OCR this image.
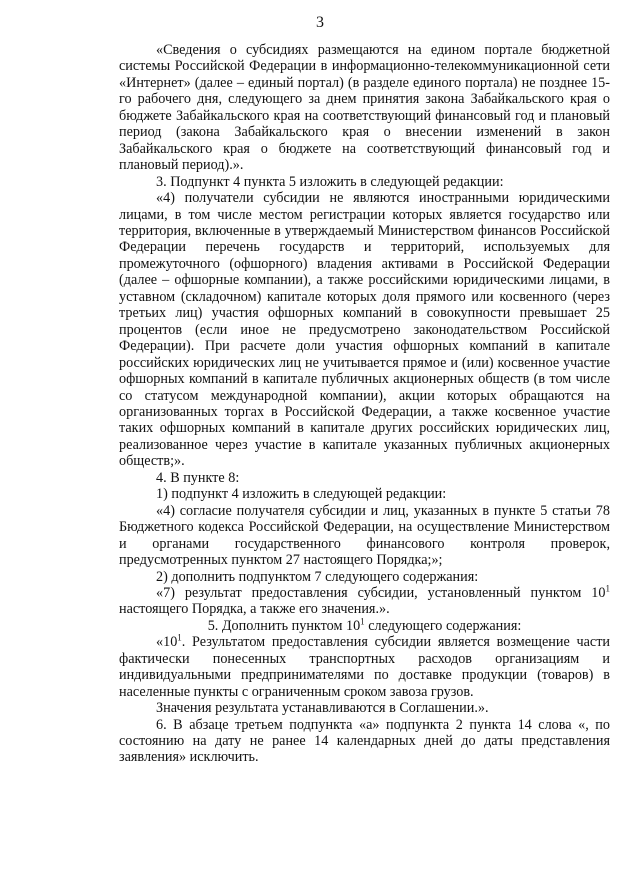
3

«Сведения о субсидиях размещаются на едином портале бюджетной системы Российской Федерации в информационно-телекоммуникационной сети «Интернет» (далее – единый портал) (в разделе единого портала) не позднее 15-го рабочего дня, следующего за днем принятия закона Забайкальского края о бюджете Забайкальского края на соответствующий финансовый год и плановый период (закона Забайкальского края о внесении изменений в закон Забайкальского края о бюджете на соответствующий финансовый год и плановый период).».

3. Подпункт 4 пункта 5 изложить в следующей редакции:

«4) получатели субсидии не являются иностранными юридическими лицами, в том числе местом регистрации которых является государство или территория, включенные в утверждаемый Министерством финансов Российской Федерации перечень государств и территорий, используемых для промежуточного (офшорного) владения активами в Российской Федерации (далее – офшорные компании), а также российскими юридическими лицами, в уставном (складочном) капитале которых доля прямого или косвенного (через третьих лиц) участия офшорных компаний в совокупности превышает 25 процентов (если иное не предусмотрено законодательством Российской Федерации). При расчете доли участия офшорных компаний в капитале российских юридических лиц не учитывается прямое и (или) косвенное участие офшорных компаний в капитале публичных акционерных обществ (в том числе со статусом международной компании), акции которых обращаются на организованных торгах в Российской Федерации, а также косвенное участие таких офшорных компаний в капитале других российских юридических лиц, реализованное через участие в капитале указанных публичных акционерных обществ;».

4. В пункте 8:

1) подпункт 4 изложить в следующей редакции:

«4) согласие получателя субсидии и лиц, указанных в пункте 5 статьи 78 Бюджетного кодекса Российской Федерации, на осуществление Министерством и органами государственного финансового контроля проверок, предусмотренных пунктом 27 настоящего Порядка;»;

2) дополнить подпунктом 7 следующего содержания:

«7) результат предоставления субсидии, установленный пунктом $10^1$ настоящего Порядка, а также его значения.».

5. Дополнить пунктом $10^1$ следующего содержания:

«$10^1$. Результатом предоставления субсидии является возмещение части фактически понесенных транспортных расходов организациям и индивидуальными предпринимателями по доставке продукции (товаров) в населенные пункты с ограниченным сроком завоза грузов.

Значения результата устанавливаются в Соглашении.».

6. В абзаце третьем подпункта «а» подпункта 2 пункта 14 слова «, по состоянию на дату не ранее 14 календарных дней до даты представления заявления» исключить.
